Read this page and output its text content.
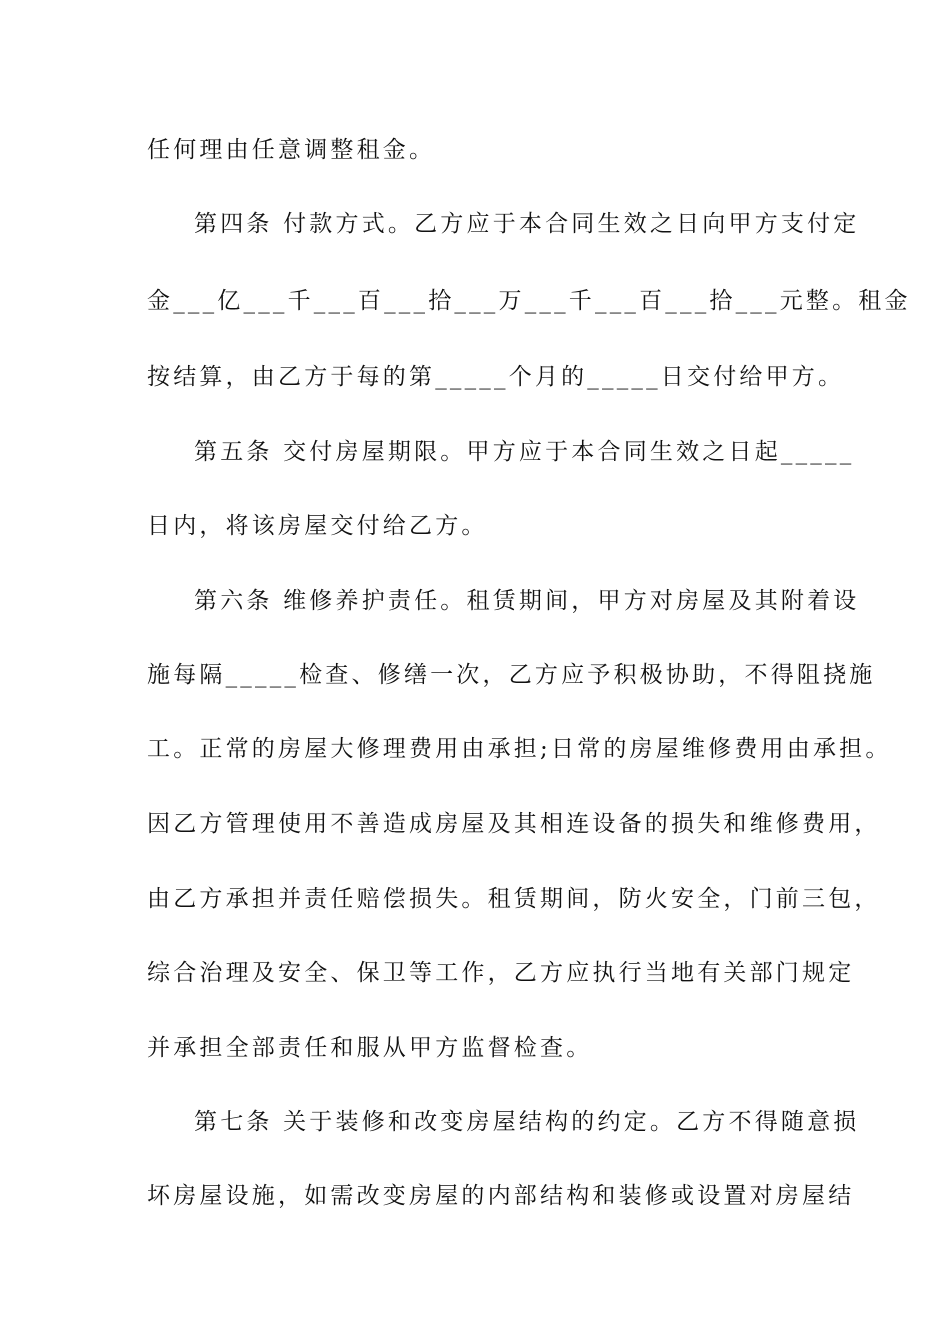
任何理由任意调整租金。
第四条 付款方式。乙方应于本合同生效之日向甲方支付定
金___亿___千___百___拾___万___千___百___拾___元整。租金
按结算，由乙方于每的第_____个月的_____日交付给甲方。
第五条 交付房屋期限。甲方应于本合同生效之日起_____
日内，将该房屋交付给乙方。
第六条 维修养护责任。租赁期间，甲方对房屋及其附着设
施每隔_____检查、修缮一次，乙方应予积极协助，不得阻挠施
工。正常的房屋大修理费用由承担;日常的房屋维修费用由承担。
因乙方管理使用不善造成房屋及其相连设备的损失和维修费用，
由乙方承担并责任赔偿损失。租赁期间，防火安全，门前三包，
综合治理及安全、保卫等工作，乙方应执行当地有关部门规定
并承担全部责任和服从甲方监督检查。
第七条 关于装修和改变房屋结构的约定。乙方不得随意损
坏房屋设施，如需改变房屋的内部结构和装修或设置对房屋结
